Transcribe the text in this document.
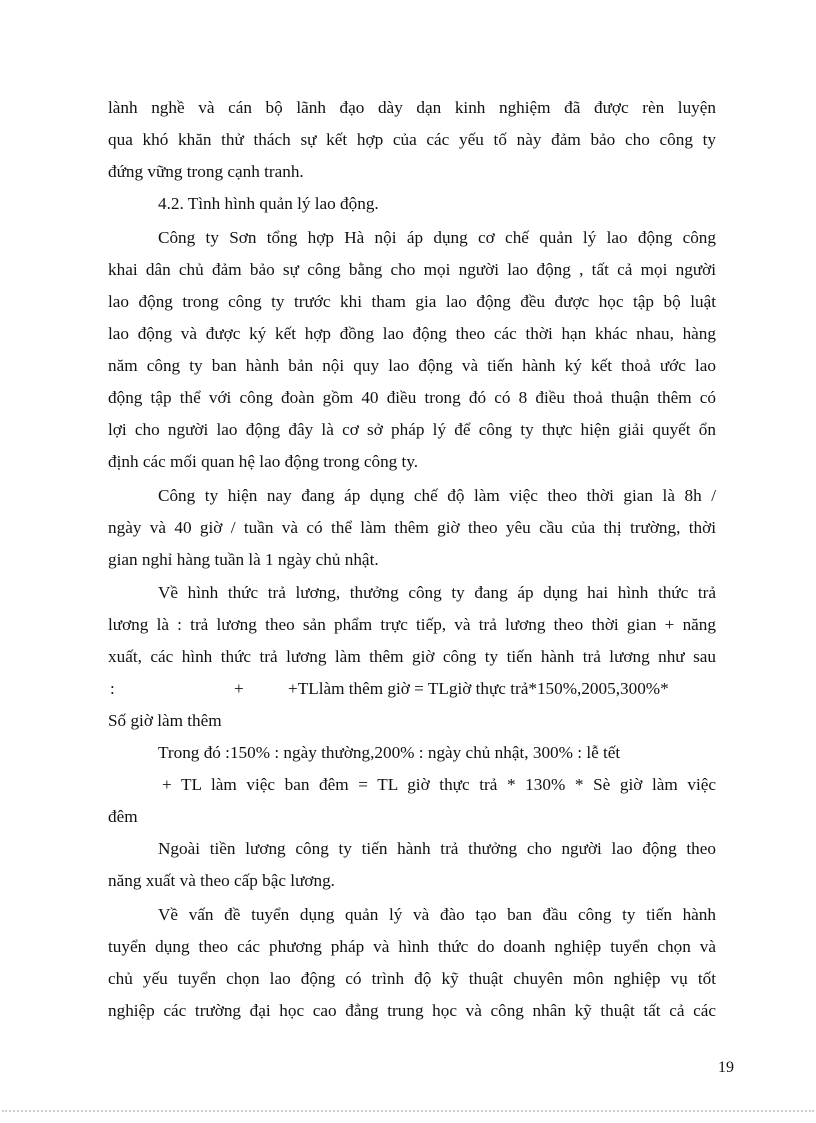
lành nghề và cán bộ lãnh đạo dày dạn kinh nghiệm đã được rèn luyện
qua khó khăn thử thách sự kết hợp của các yếu tố này đảm bảo cho công ty
đứng vững trong cạnh tranh.
4.2. Tình hình quản lý lao động.
Công ty Sơn tổng hợp Hà nội áp dụng cơ chế quản lý lao động công
khai dân chủ đảm bảo sự công bằng cho mọi người lao động , tất cả mọi người
lao động trong công ty trước khi tham gia lao động đều được học tập bộ luật
lao động và được ký kết hợp đồng lao động theo các thời hạn khác nhau, hàng
năm công ty ban hành bản nội quy lao động và tiến hành ký kết thoả ước lao
động tập thể với công đoàn gồm 40 điều trong đó có 8 điều thoả thuận thêm có
lợi cho người lao động đây là cơ sở pháp lý để công ty thực hiện giải quyết ổn
định các mối quan hệ lao động trong công ty.
Công ty hiện nay đang áp dụng chế độ làm việc theo thời gian là 8h /
ngày và 40 giờ / tuần và có thể làm thêm giờ theo yêu cầu của thị trường, thời
gian nghỉ hàng tuần là 1 ngày chủ nhật.
Về hình thức trả lương, thưởng công ty đang áp dụng hai hình thức trả
lương là : trả lương theo sản phẩm trực tiếp, và trả lương theo thời gian + năng
xuất, các hình thức trả lương làm thêm giờ công ty tiến hành trả lương như sau
:	+	+TLlàm thêm giờ = TLgiờ thực trả*150%,2005,300%*
Số giờ làm thêm
Trong đó :150% : ngày thường,200% : ngày chủ nhật, 300% : lễ tết
+ TL làm việc ban đêm = TL giờ thực trả * 130% * Sè giờ làm việc
đêm
Ngoài tiền lương công ty tiến hành trả thưởng cho người lao động theo
năng xuất và theo cấp bậc lương.
Về vấn đề tuyển dụng quản lý và đào tạo ban đầu công ty tiến hành
tuyển dụng theo các phương pháp và hình thức do doanh nghiệp tuyển chọn và
chủ yếu tuyển chọn lao động có trình độ kỹ thuật chuyên môn nghiệp vụ tốt
nghiệp các trường đại học cao đẳng trung học và công nhân kỹ thuật tất cả các
19
